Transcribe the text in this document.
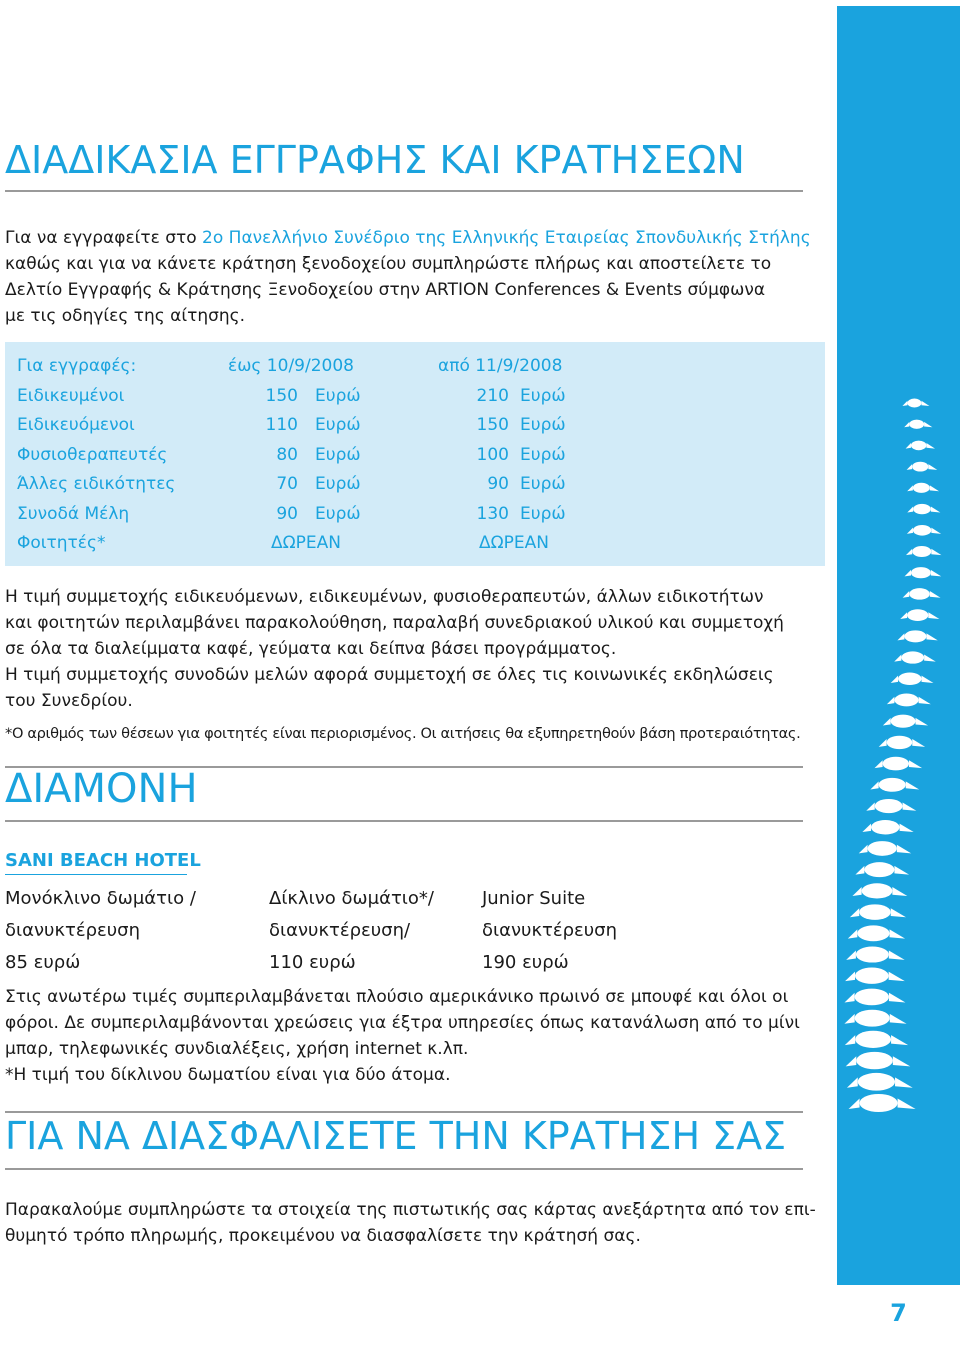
7
ΔΙΑΔΙΚΑΣΙΑ ΕΓΓΡΑΦΗΣ ΚΑΙ ΚΡΑΤΗΣΕΩΝ

Για να εγγραφείτε στο 2ο Πανελλήνιο Συνέδριο της Ελληνικής Εταιρείας Σπονδυλικής Στήλης

καθώς και για να κάνετε κράτηση ξενοδοχείου συμπληρώστε πλήρως και αποστείλετε το

Δελτίο Εγγραφής & Κράτησης Ξενοδοχείου στην ARTION Conferences & Events σύμφωνα

με τις οδηγίες της αίτησης.

Για εγγραφές:	έως 10/9/2008	από 11/9/2008
Ειδικευμένοι	150 Ευρώ	210 Ευρώ
Ειδικευόμενοι	110 Ευρώ	150 Ευρώ
Φυσιοθεραπευτές	80 Ευρώ	100 Ευρώ
Άλλες ειδικότητες	70 Ευρώ	90 Ευρώ
Συνοδά Μέλη	90 Ευρώ	130 Ευρώ
Φοιτητές*	ΔΩΡΕΑΝ	ΔΩΡΕΑΝ

Η τιμή συμμετοχής ειδικευόμενων, ειδικευμένων, φυσιοθεραπευτών, άλλων ειδικοτήτων

και φοιτητών περιλαμβάνει παρακολούθηση, παραλαβή συνεδριακού υλικού και συμμετοχή

σε όλα τα διαλείμματα καφέ, γεύματα και δείπνα βάσει προγράμματος.

Η τιμή συμμετοχής συνοδών μελών αφορά συμμετοχή σε όλες τις κοινωνικές εκδηλώσεις

του Συνεδρίου.

*Ο αριθμός των θέσεων για φοιτητές είναι περιορισμένος. Οι αιτήσεις θα εξυπηρετηθούν βάση προτεραιότητας.

ΔΙΑΜΟΝΗ

SANI BEACH HOTEL

Μονόκλινο δωμάτιο /	Δίκλινο δωμάτιο*/	Junior Suite
διανυκτέρευση	διανυκτέρευση/	διανυκτέρευση
85 ευρώ	110 ευρώ	190 ευρώ

Στις ανωτέρω τιμές συμπεριλαμβάνεται πλούσιο αμερικάνικο πρωινό σε μπουφέ και όλοι οι

φόροι. Δε συμπεριλαμβάνονται χρεώσεις για έξτρα υπηρεσίες όπως κατανάλωση από το μίνι

μπαρ, τηλεφωνικές συνδιαλέξεις, χρήση internet κ.λπ.

*Η τιμή του δίκλινου δωματίου είναι για δύο άτομα.

ΓΙΑ ΝΑ ΔΙΑΣΦΑΛΙΣΕΤΕ ΤΗΝ ΚΡΑΤΗΣΗ ΣΑΣ

Παρακαλούμε συμπληρώστε τα στοιχεία της πιστωτικής σας κάρτας ανεξάρτητα από τον επι-

θυμητό τρόπο πληρωμής, προκειμένου να διασφαλίσετε την κράτησή σας.
